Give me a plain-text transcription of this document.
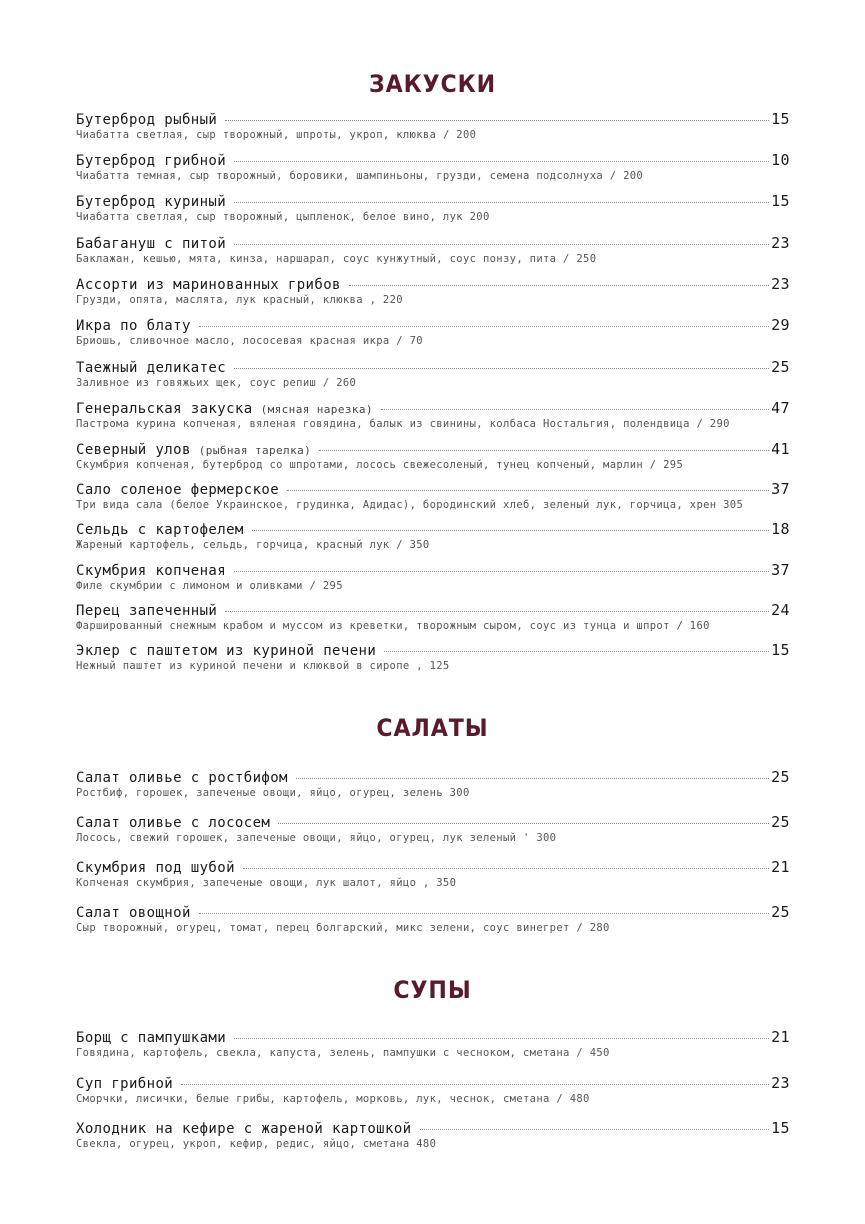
ЗАКУСКИ
Бутерброд рыбный	15
Чиабатта светлая, сыр творожный, шпроты, укроп, клюква / 200
Бутерброд грибной	10
Чиабатта темная, сыр творожный, боровики, шампиньоны, грузди, семена подсолнуха / 200
Бутерброд куриный	15
Чиабатта светлая, сыр творожный, цыпленок, белое вино, лук 200
Бабагануш с питой	23
Баклажан, кешью, мята, кинза, наршарап, соус кунжутный, соус понзу, пита / 250
Ассорти из маринованных грибов	23
Грузди, опята, маслята, лук красный, клюква , 220
Икра по блату	29
Бриошь, сливочное масло, лососевая красная икра / 70
Таежный деликатес	25
Заливное из говяжьих щек, соус репиш / 260
Генеральская закуска (мясная нарезка)	47
Пастрома курина копченая, вяленая говядина, балык из свинины, колбаса Ностальгия, полендвица / 290
Северный улов (рыбная тарелка)	41
Скумбрия копченая, бутерброд со шпротами, лосось свежесоленый, тунец копченый, марлин / 295
Сало соленое фермерское	37
Три вида сала (белое Украинское, грудинка, Адидас), бородинский хлеб, зеленый лук, горчица, хрен 305
Сельдь с картофелем	18
Жареный картофель, сельдь, горчица, красный лук / 350
Скумбрия копченая	37
Филе скумбрии с лимоном и оливками / 295
Перец запеченный	24
Фаршированный снежным крабом и муссом из креветки, творожным сыром, соус из тунца и шпрот / 160
Эклер с паштетом из куриной печени	15
Нежный паштет из куриной печени и клюквой в сиропе , 125
САЛАТЫ
Салат оливье с ростбифом	25
Ростбиф, горошек, запеченые овощи, яйцо, огурец, зелень 300
Салат оливье с лососем	25
Лосось, свежий горошек, запеченые овощи, яйцо, огурец, лук зеленый ' 300
Скумбрия под шубой	21
Копченая скумбрия, запеченые овощи, лук шалот, яйцо , 350
Салат овощной	25
Сыр творожный, огурец, томат, перец болгарский, микс зелени, соус винегрет / 280
СУПЫ
Борщ с пампушками	21
Говядина, картофель, свекла, капуста, зелень, пампушки с чесноком, сметана / 450
Суп грибной	23
Сморчки, лисички, белые грибы, картофель, морковь, лук, чеснок, сметана / 480
Холодник на кефире с жареной картошкой	15
Свекла, огурец, укроп, кефир, редис, яйцо, сметана 480
